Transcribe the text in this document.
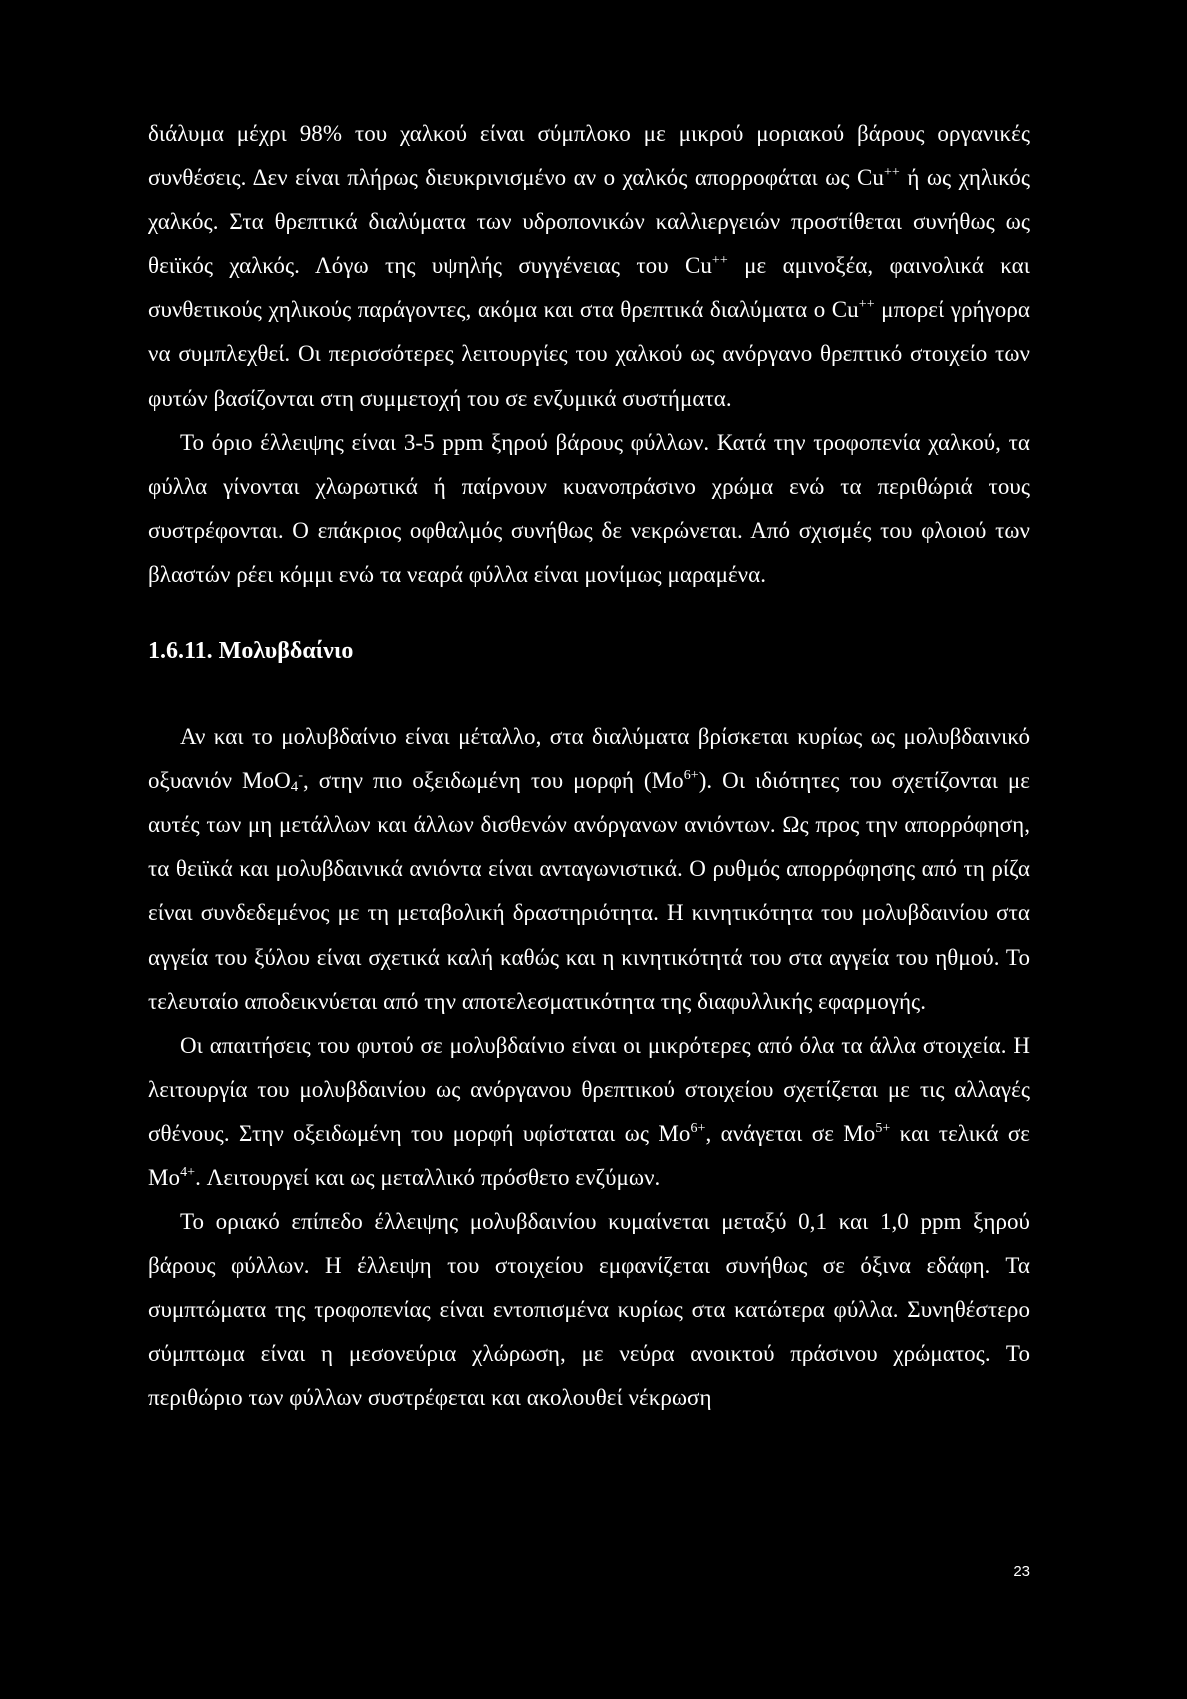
διάλυμα μέχρι 98% του χαλκού είναι σύμπλοκο με μικρού μοριακού βάρους οργανικές συνθέσεις. Δεν είναι πλήρως διευκρινισμένο αν ο χαλκός απορροφάται ως Cu++ ή ως χηλικός χαλκός. Στα θρεπτικά διαλύματα των υδροπονικών καλλιεργειών προστίθεται συνήθως ως θειϊκός χαλκός. Λόγω της υψηλής συγγένειας του Cu++ με αμινοξέα, φαινολικά και συνθετικούς χηλικούς παράγοντες, ακόμα και στα θρεπτικά διαλύματα ο Cu++ μπορεί γρήγορα να συμπλεχθεί. Οι περισσότερες λειτουργίες του χαλκού ως ανόργανο θρεπτικό στοιχείο των φυτών βασίζονται στη συμμετοχή του σε ενζυμικά συστήματα.

Το όριο έλλειψης είναι 3-5 ppm ξηρού βάρους φύλλων. Κατά την τροφοπενία χαλκού, τα φύλλα γίνονται χλωρωτικά ή παίρνουν κυανοπράσινο χρώμα ενώ τα περιθώριά τους συστρέφονται. Ο επάκριος οφθαλμός συνήθως δε νεκρώνεται. Από σχισμές του φλοιού των βλαστών ρέει κόμμι ενώ τα νεαρά φύλλα είναι μονίμως μαραμένα.

1.6.11. Μολυβδαίνιο

Αν και το μολυβδαίνιο είναι μέταλλο, στα διαλύματα βρίσκεται κυρίως ως μολυβδαινικό οξυανιόν MoO$_4$-, στην πιο οξειδωμένη του μορφή $(Mo^{6+})$. Οι ιδιότητες του σχετίζονται με αυτές των μη μετάλλων και άλλων δισθενών ανόργανων ανιόντων. Ως προς την απορρόφηση, τα θειϊκά και μολυβδαινικά ανιόντα είναι ανταγωνιστικά. Ο ρυθμός απορρόφησης από τη ρίζα είναι συνδεδεμένος με τη μεταβολική δραστηριότητα. Η κινητικότητα του μολυβδαινίου στα αγγεία του ξύλου είναι σχετικά καλή καθώς και η κινητικότητά του στα αγγεία του ηθμού. Το τελευταίο αποδεικνύεται από την αποτελεσματικότητα της διαφυλλικής εφαρμογής.

Οι απαιτήσεις του φυτού σε μολυβδαίνιο είναι οι μικρότερες από όλα τα άλλα στοιχεία. Η λειτουργία του μολυβδαινίου ως ανόργανου θρεπτικού στοιχείου σχετίζεται με τις αλλαγές σθένους. Στην οξειδωμένη του μορφή υφίσταται ως $Mo^{6+}$, ανάγεται σε $Mo^{5+}$ και τελικά σε $Mo^{4+}$. Λειτουργεί και ως μεταλλικό πρόσθετο ενζύμων.

Το οριακό επίπεδο έλλειψης μολυβδαινίου κυμαίνεται μεταξύ 0,1 και 1,0 ppm ξηρού βάρους φύλλων. Η έλλειψη του στοιχείου εμφανίζεται συνήθως σε όξινα εδάφη. Τα συμπτώματα της τροφοπενίας είναι εντοπισμένα κυρίως στα κατώτερα φύλλα. Συνηθέστερο σύμπτωμα είναι η μεσονεύρια χλώρωση, με νεύρα ανοικτού πράσινου χρώματος. Το περιθώριο των φύλλων συστρέφεται και ακολουθεί νέκρωση

23
